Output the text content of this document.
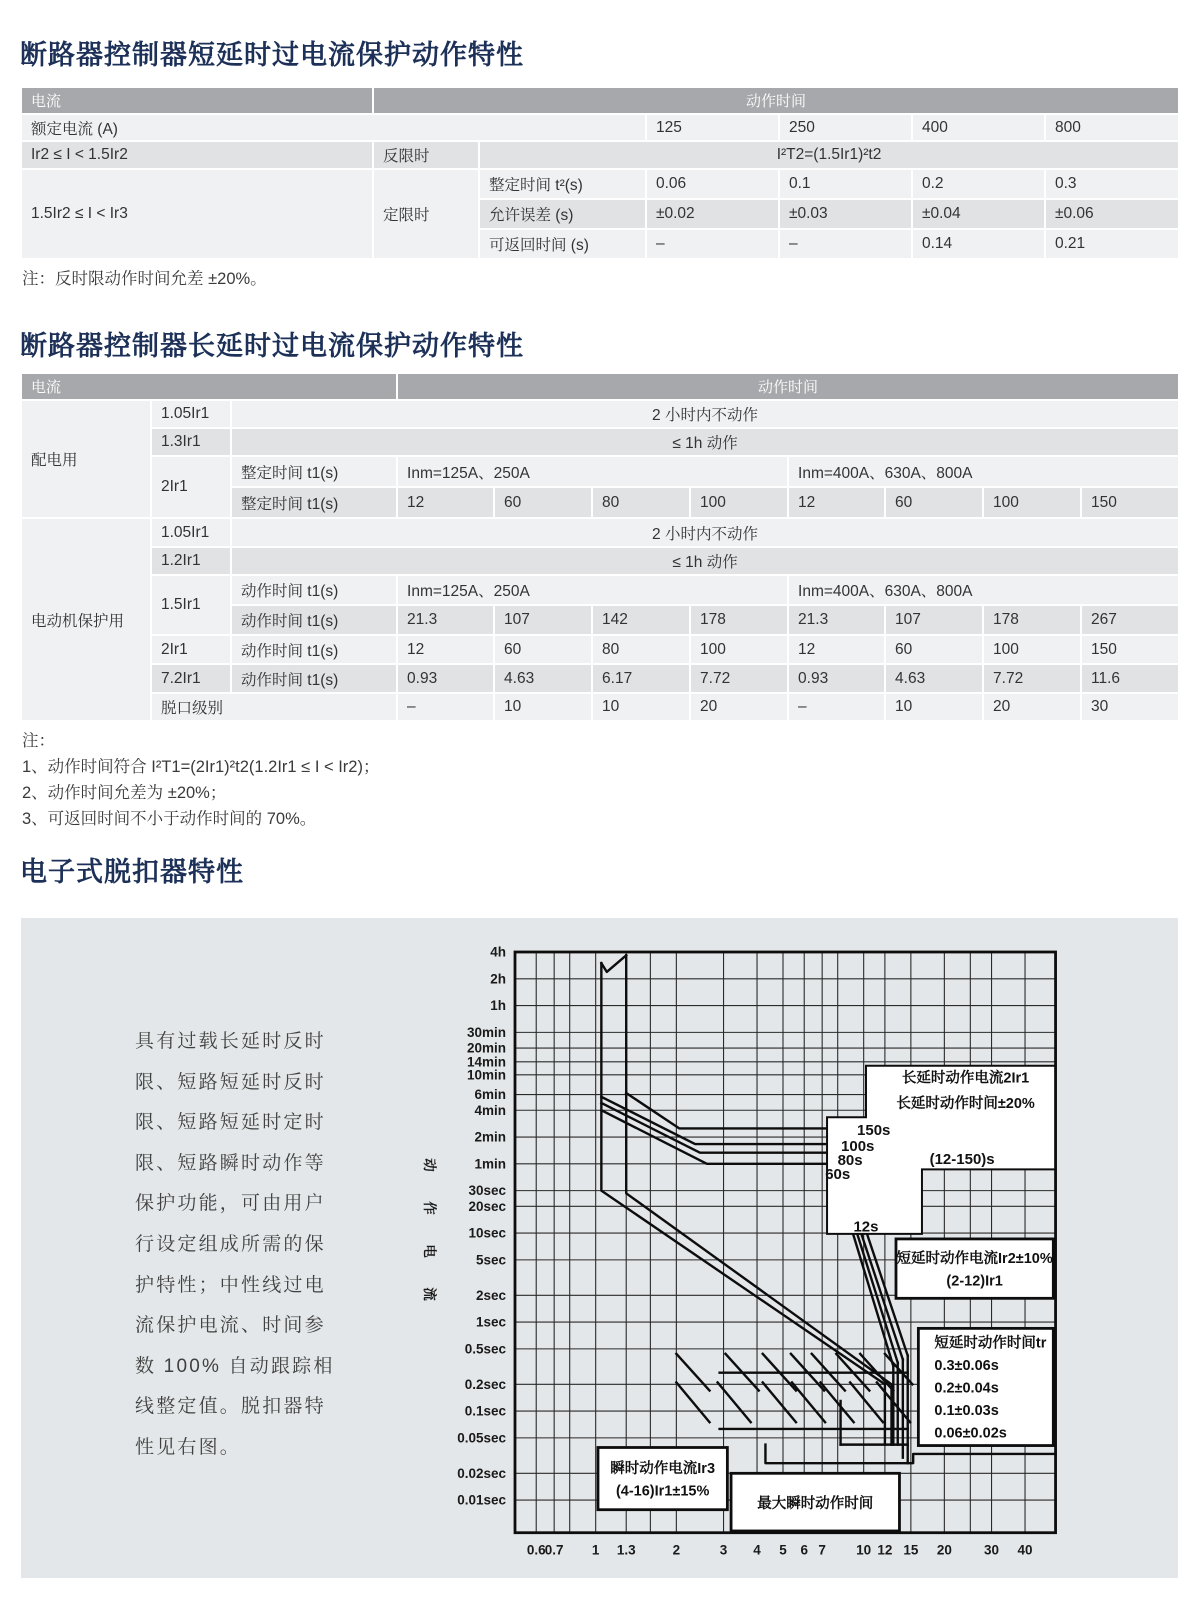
断路器控制器短延时过电流保护动作特性
电流	动作时间					
额定电流 (A)			125	250	400	800
Ir2 ≤ I < 1.5Ir2	反限时	I²T2=(1.5Ir1)²t2				
1.5Ir2 ≤ I < Ir3	定限时	整定时间 t²(s)	0.06	0.1	0.2	0.3
		允许误差 (s)	±0.02	±0.03	±0.04	±0.06
		可返回时间 (s)	–	–	0.14	0.21
注：反时限动作时间允差 ±20%。
断路器控制器长延时过电流保护动作特性
电流			动作时间							
配电用	1.05Ir1	2 小时内不动作								
	1.3Ir1	≤ 1h 动作								
	2Ir1	整定时间 t1(s)	Inm=125A、250A				Inm=400A、630A、800A			
		整定时间 t1(s)	12	60	80	100	12	60	100	150
电动机保护用	1.05Ir1	2 小时内不动作								
	1.2Ir1	≤ 1h 动作								
	1.5Ir1	动作时间 t1(s)	Inm=125A、250A				Inm=400A、630A、800A			
		动作时间 t1(s)	21.3	107	142	178	21.3	107	178	267
	2Ir1	动作时间 t1(s)	12	60	80	100	12	60	100	150
	7.2Ir1	动作时间 t1(s)	0.93	4.63	6.17	7.72	0.93	4.63	7.72	11.6
	脱口级别		–	10	10	20	–	10	20	30
注：
1、动作时间符合 I²T1=(2Ir1)²t2(1.2Ir1 ≤ I < Ir2)；
2、动作时间允差为 ±20%；
3、可返回时间不小于动作时间的 70%。
电子式脱扣器特性
长延时动作电流2Ir1
长延时动作时间±20%
150s
100s
80s
60s
(12-150)s
12s
短延时动作电流Ir2±10%
(2-12)Ir1
短延时动作时间tr
0.3±0.06s
0.2±0.04s
0.1±0.03s
0.06±0.02s
瞬时动作电流Ir3
(4-16)Ir1±15%
最大瞬时动作时间
0.6 0.7 1 1.3	2	3 4 5 6 7 10 12 15 20 30 40
4h
2h
1h
30min
20min
14min
10min
6min
4min
2min
1min
30sec
20sec
10sec
5sec
2sec
1sec
0.5sec
0.2sec
0.1sec
0.05sec
0.02sec
0.01sec
动
作
电
流
具有过载长延时反时
限、短路短延时反时
限、短路短延时定时
限、短路瞬时动作等
保护功能，可由用户
行设定组成所需的保
护特性；中性线过电
流保护电流、时间参
数 100% 自动跟踪相
线整定值。脱扣器特
性见右图。
